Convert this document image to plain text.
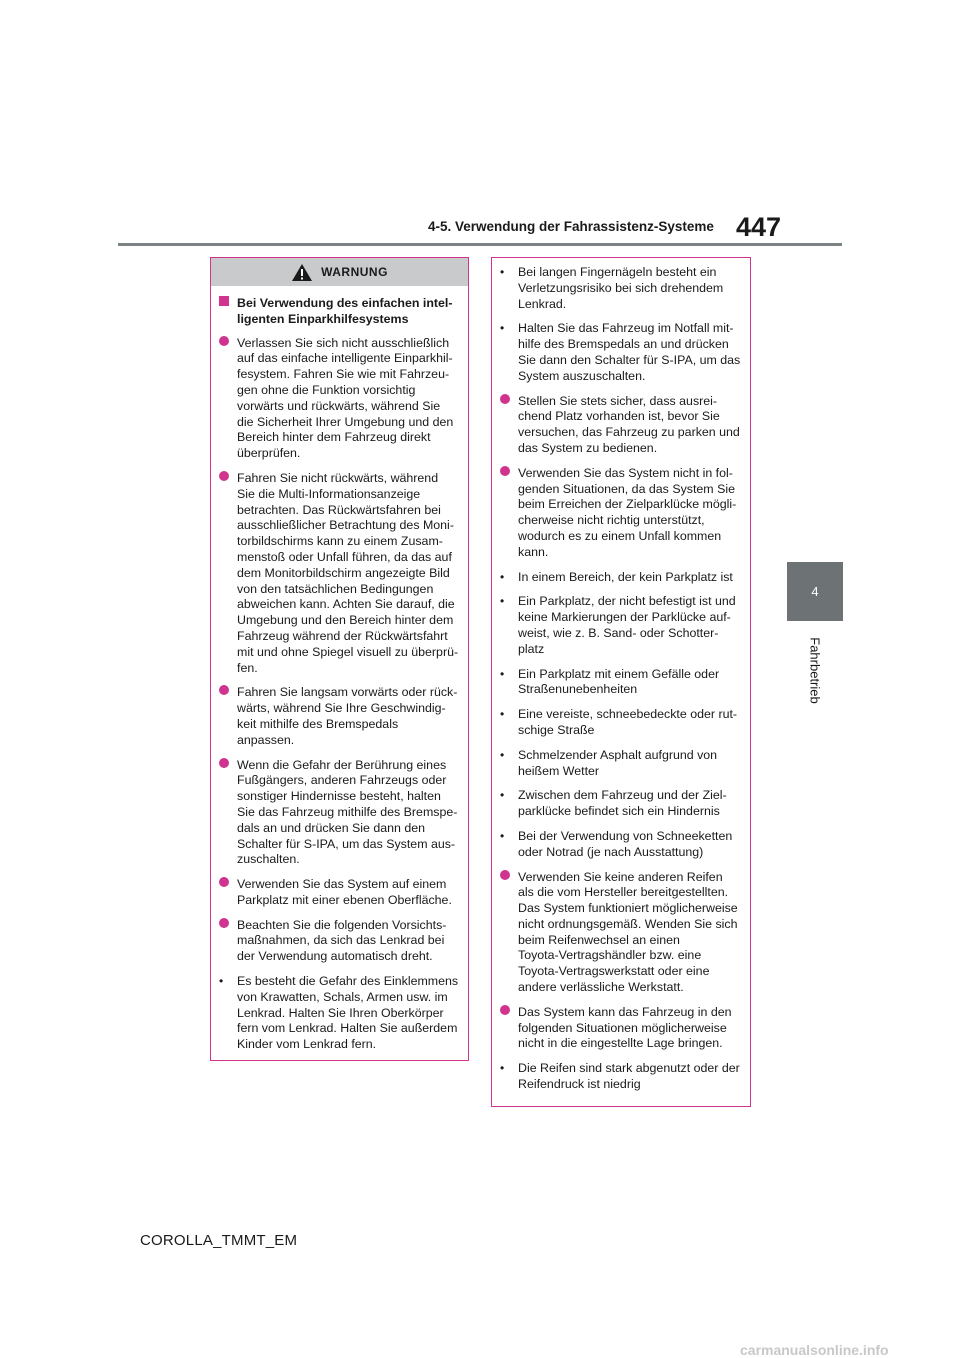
447
4-5. Verwendung der Fahrassistenz-Systeme
4
Fahrbetrieb
WARNUNG
Bei Verwendung des einfachen intel-
ligenten Einparkhilfesystems
Verlassen Sie sich nicht ausschließlich
auf das einfache intelligente Einparkhil-
fesystem. Fahren Sie wie mit Fahrzeu-
gen ohne die Funktion vorsichtig
vorwärts und rückwärts, während Sie
die Sicherheit Ihrer Umgebung und den
Bereich hinter dem Fahrzeug direkt
überprüfen.
Fahren Sie nicht rückwärts, während
Sie die Multi-Informationsanzeige
betrachten. Das Rückwärtsfahren bei
ausschließlicher Betrachtung des Moni-
torbildschirms kann zu einem Zusam-
menstoß oder Unfall führen, da das auf
dem Monitorbildschirm angezeigte Bild
von den tatsächlichen Bedingungen
abweichen kann. Achten Sie darauf, die
Umgebung und den Bereich hinter dem
Fahrzeug während der Rückwärtsfahrt
mit und ohne Spiegel visuell zu überprü-
fen.
Fahren Sie langsam vorwärts oder rück-
wärts, während Sie Ihre Geschwindig-
keit mithilfe des Bremspedals
anpassen.
Wenn die Gefahr der Berührung eines
Fußgängers, anderen Fahrzeugs oder
sonstiger Hindernisse besteht, halten
Sie das Fahrzeug mithilfe des Bremspe-
dals an und drücken Sie dann den
Schalter für S-IPA, um das System aus-
zuschalten.
Verwenden Sie das System auf einem
Parkplatz mit einer ebenen Oberfläche.
Beachten Sie die folgenden Vorsichts-
maßnahmen, da sich das Lenkrad bei
der Verwendung automatisch dreht.
• Es besteht die Gefahr des Einklemmens
von Krawatten, Schals, Armen usw. im
Lenkrad. Halten Sie Ihren Oberkörper
fern vom Lenkrad. Halten Sie außerdem
Kinder vom Lenkrad fern.
• Bei langen Fingernägeln besteht ein
Verletzungsrisiko bei sich drehendem
Lenkrad.
• Halten Sie das Fahrzeug im Notfall mit-
hilfe des Bremspedals an und drücken
Sie dann den Schalter für S-IPA, um das
System auszuschalten.
Stellen Sie stets sicher, dass ausrei-
chend Platz vorhanden ist, bevor Sie
versuchen, das Fahrzeug zu parken und
das System zu bedienen.
Verwenden Sie das System nicht in fol-
genden Situationen, da das System Sie
beim Erreichen der Zielparklücke mögli-
cherweise nicht richtig unterstützt,
wodurch es zu einem Unfall kommen
kann.
• In einem Bereich, der kein Parkplatz ist
• Ein Parkplatz, der nicht befestigt ist und
keine Markierungen der Parklücke auf-
weist, wie z. B. Sand- oder Schotter-
platz
• Ein Parkplatz mit einem Gefälle oder
Straßenunebenheiten
• Eine vereiste, schneebedeckte oder rut-
schige Straße
• Schmelzender Asphalt aufgrund von
heißem Wetter
• Zwischen dem Fahrzeug und der Ziel-
parklücke befindet sich ein Hindernis
• Bei der Verwendung von Schneeketten
oder Notrad (je nach Ausstattung)
Verwenden Sie keine anderen Reifen
als die vom Hersteller bereitgestellten.
Das System funktioniert möglicherweise
nicht ordnungsgemäß. Wenden Sie sich
beim Reifenwechsel an einen
Toyota-Vertragshändler bzw. eine
Toyota-Vertragswerkstatt oder eine
andere verlässliche Werkstatt.
Das System kann das Fahrzeug in den
folgenden Situationen möglicherweise
nicht in die eingestellte Lage bringen.
• Die Reifen sind stark abgenutzt oder der
Reifendruck ist niedrig
COROLLA_TMMT_EM
carmanualsonline.info
